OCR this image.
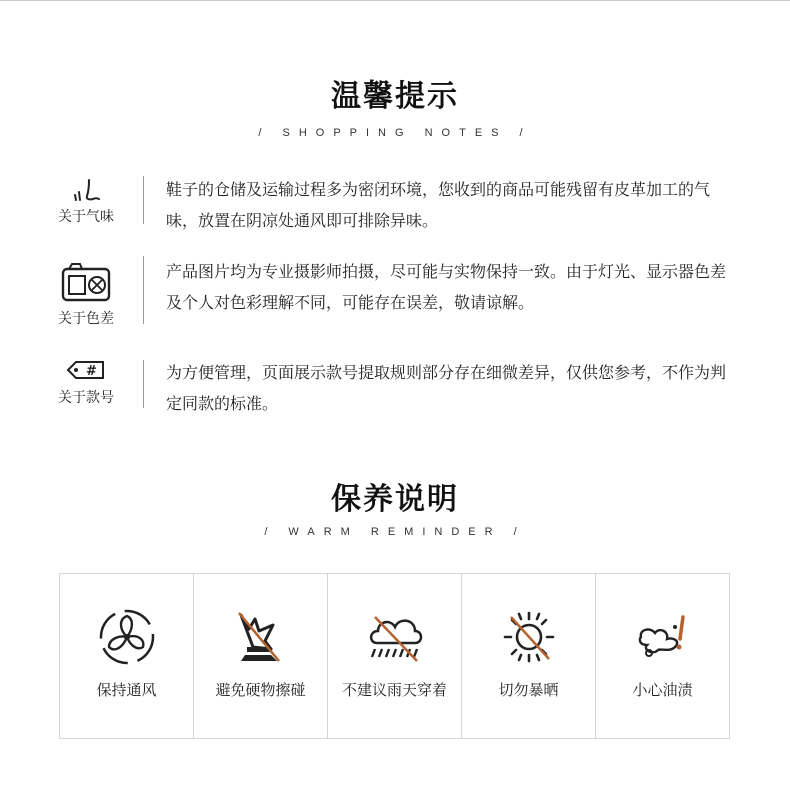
温馨提示
/ SHOPPING NOTES /
关于气味
鞋子的仓储及运输过程多为密闭环境，您收到的商品可能残留有皮革加工的气味，放置在阴凉处通风即可排除异味。
关于色差
产品图片均为专业摄影师拍摄，尽可能与实物保持一致。由于灯光、显示器色差及个人对色彩理解不同，可能存在误差，敬请谅解。
#
关于款号
为方便管理，页面展示款号提取规则部分存在细微差异，仅供您参考，不作为判定同款的标准。
保养说明
/ WARM REMINDER /
保持通风	避免硬物擦碰	不建议雨天穿着	切勿暴晒	小心油渍
